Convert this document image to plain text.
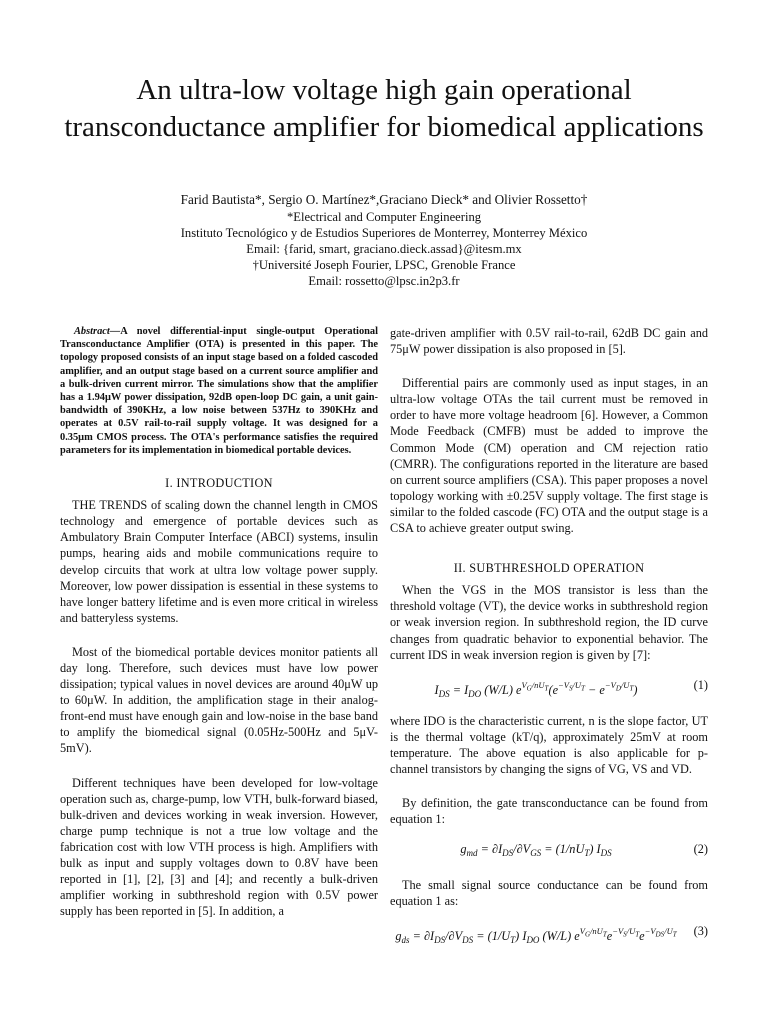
An ultra-low voltage high gain operational transconductance amplifier for biomedical applications
Farid Bautista*, Sergio O. Martínez*,Graciano Dieck* and Olivier Rossetto†
*Electrical and Computer Engineering
Instituto Tecnológico y de Estudios Superiores de Monterrey, Monterrey México
Email: {farid, smart, graciano.dieck.assad}@itesm.mx
†Université Joseph Fourier, LPSC, Grenoble France
Email: rossetto@lpsc.in2p3.fr

Abstract—A novel differential-input single-output Operational Transconductance Amplifier (OTA) is presented in this paper. The topology proposed consists of an input stage based on a folded cascoded amplifier, and an output stage based on a current source amplifier and a bulk-driven current mirror. The simulations show that the amplifier has a 1.94μW power dissipation, 92dB open-loop DC gain, a unit gain-bandwidth of 390KHz, a low noise between 537Hz to 390KHz and operates at 0.5V rail-to-rail supply voltage. It was designed for a 0.35μm CMOS process. The OTA's performance satisfies the required parameters for its implementation in biomedical portable devices.

I. INTRODUCTION

THE TRENDS of scaling down the channel length in CMOS technology and emergence of portable devices such as Ambulatory Brain Computer Interface (ABCI) systems, insulin pumps, hearing aids and mobile communications require to develop circuits that work at ultra low voltage power supply. Moreover, low power dissipation is essential in these systems to have longer battery lifetime and is even more critical in wireless and batteryless systems.

Most of the biomedical portable devices monitor patients all day long. Therefore, such devices must have low power dissipation; typical values in novel devices are around 40μW up to 60μW. In addition, the amplification stage in their analog-front-end must have enough gain and low-noise in the base band to amplify the biomedical signal (0.05Hz-500Hz and 5μV-5mV).

Different techniques have been developed for low-voltage operation such as, charge-pump, low VTH, bulk-forward biased, bulk-driven and devices working in weak inversion. However, charge pump technique is not a true low voltage and the fabrication cost with low VTH process is high. Amplifiers with bulk as input and supply voltages down to 0.8V have been reported in [1], [2], [3] and [4]; and recently a bulk-driven amplifier working in subthreshold region with 0.5V power supply has been reported in [5]. In addition, a

gate-driven amplifier with 0.5V rail-to-rail, 62dB DC gain and 75μW power dissipation is also proposed in [5].

Differential pairs are commonly used as input stages, in an ultra-low voltage OTAs the tail current must be removed in order to have more voltage headroom [6]. However, a Common Mode Feedback (CMFB) must be added to improve the Common Mode (CM) operation and CM rejection ratio (CMRR). The configurations reported in the literature are based on current source amplifiers (CSA). This paper proposes a novel topology working with ±0.25V supply voltage. The first stage is similar to the folded cascode (FC) OTA and the output stage is a CSA to achieve greater output swing.

II. SUBTHRESHOLD OPERATION

When the VGS in the MOS transistor is less than the threshold voltage (VT), the device works in subthreshold region or weak inversion region. In subthreshold region, the ID curve changes from quadratic behavior to exponential behavior. The current IDS in weak inversion region is given by [7]:

$I_{DS} = I_{DO}$ (W/L) $e^{V_G/nU_T}(e^{-V_S/U_T} - e^{-V_D/U_T})$	(1)

where IDO is the characteristic current, n is the slope factor, UT is the thermal voltage (kT/q), approximately 25mV at room temperature. The above equation is also applicable for p-channel transistors by changing the signs of VG, VS and VD.

By definition, the gate transconductance can be found from equation 1:

$g_{md} = \partial I_{DS}/\partial V_{GS} = (1/nU_T)$ $I_{DS}$	(2)

The small signal source conductance can be found from equation 1 as:

$g_{ds} = \partial I_{DS}/\partial V_{DS} = (1/U_T)$ $I_{DO}$ (W/L) $e^{V_G/nU_T}e^{-V_S/U_T}e^{-V_{DS}/U_T}$	(3)
